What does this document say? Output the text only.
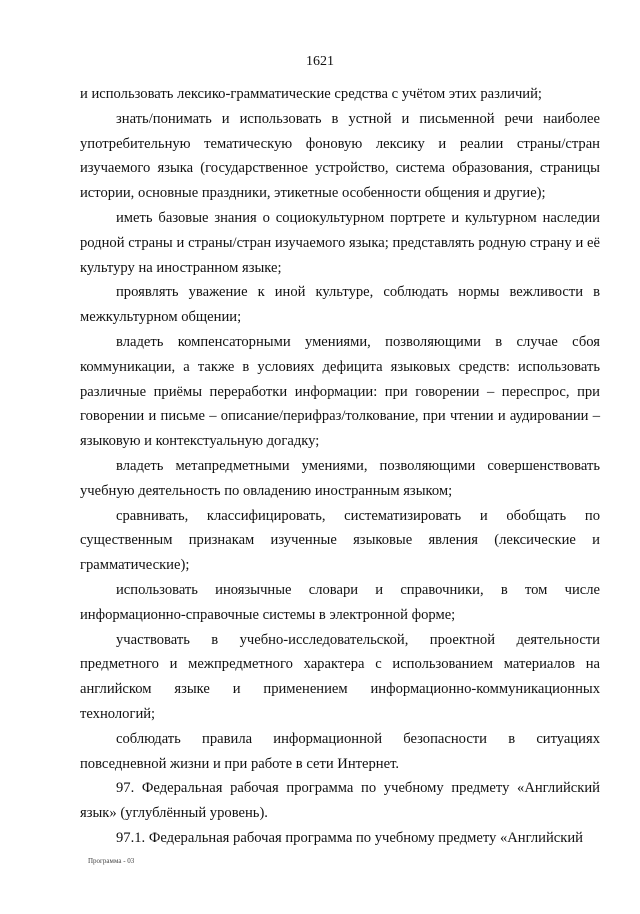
1621

и использовать лексико-грамматические средства с учётом этих различий;

знать/понимать и использовать в устной и письменной речи наиболее употребительную тематическую фоновую лексику и реалии страны/стран изучаемого языка (государственное устройство, система образования, страницы истории, основные праздники, этикетные особенности общения и другие);

иметь базовые знания о социокультурном портрете и культурном наследии родной страны и страны/стран изучаемого языка; представлять родную страну и её культуру на иностранном языке;

проявлять уважение к иной культуре, соблюдать нормы вежливости в межкультурном общении;

владеть компенсаторными умениями, позволяющими в случае сбоя коммуникации, а также в условиях дефицита языковых средств: использовать различные приёмы переработки информации: при говорении – переспрос, при говорении и письме – описание/перифраз/толкование, при чтении и аудировании – языковую и контекстуальную догадку;

владеть метапредметными умениями, позволяющими совершенствовать учебную деятельность по овладению иностранным языком;

сравнивать, классифицировать, систематизировать и обобщать по существенным признакам изученные языковые явления (лексические и грамматические);

использовать иноязычные словари и справочники, в том числе информационно-справочные системы в электронной форме;

участвовать в учебно-исследовательской, проектной деятельности предметного и межпредметного характера с использованием материалов на английском языке и применением информационно-коммуникационных технологий;

соблюдать правила информационной безопасности в ситуациях повседневной жизни и при работе в сети Интернет.

97. Федеральная рабочая программа по учебному предмету «Английский язык» (углублённый уровень).

97.1. Федеральная рабочая программа по учебному предмету «Английский

Программа - 03
